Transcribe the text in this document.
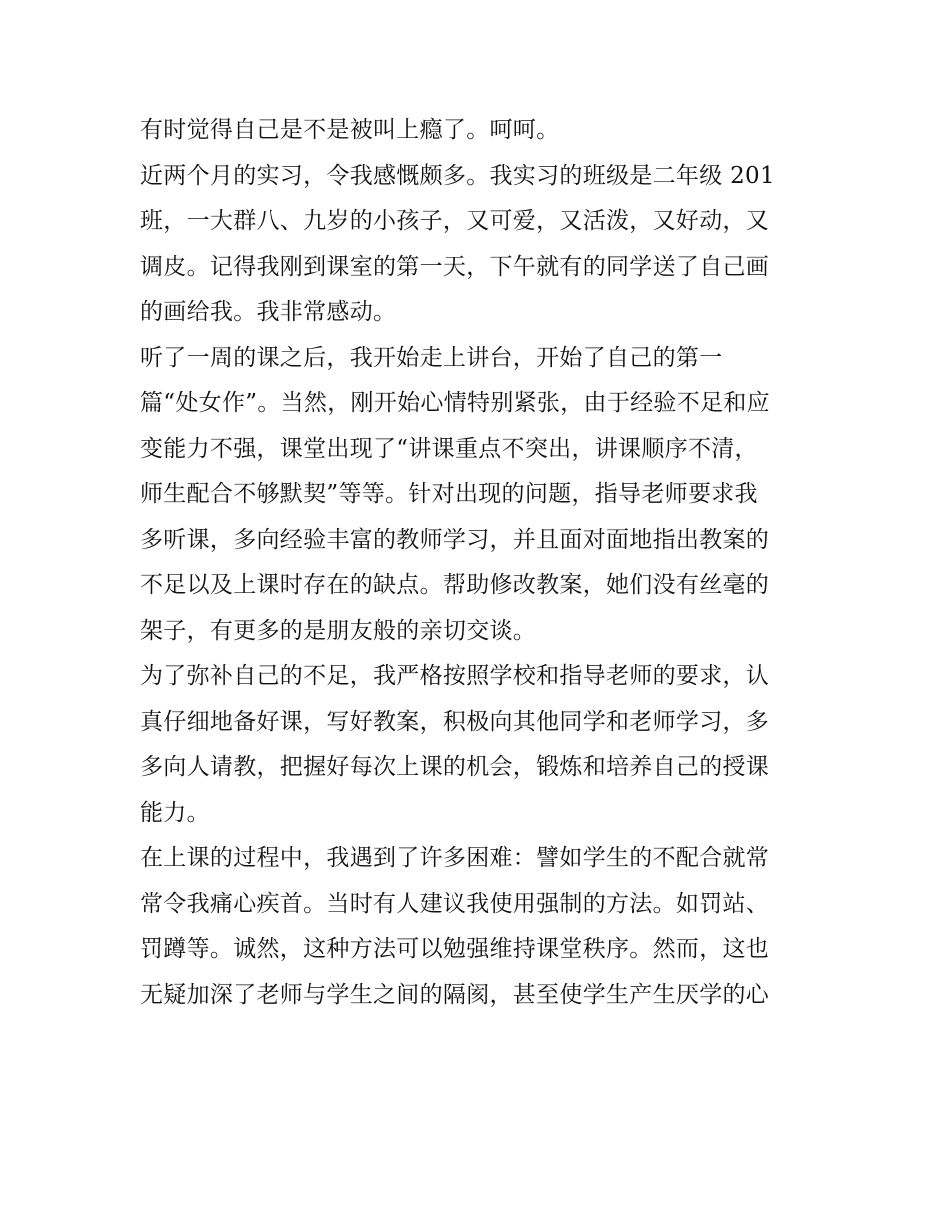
有时觉得自己是不是被叫上瘾了。呵呵。
近两个月的实习，令我感慨颇多。我实习的班级是二年级 201
班，一大群八、九岁的小孩子，又可爱，又活泼，又好动，又
调皮。记得我刚到课室的第一天，下午就有的同学送了自己画
的画给我。我非常感动。
听了一周的课之后，我开始走上讲台，开始了自己的第一
篇“处女作”。当然，刚开始心情特别紧张，由于经验不足和应
变能力不强，课堂出现了“讲课重点不突出，讲课顺序不清，
师生配合不够默契”等等。针对出现的问题，指导老师要求我
多听课，多向经验丰富的教师学习，并且面对面地指出教案的
不足以及上课时存在的缺点。帮助修改教案，她们没有丝毫的
架子，有更多的是朋友般的亲切交谈。
为了弥补自己的不足，我严格按照学校和指导老师的要求，认
真仔细地备好课，写好教案，积极向其他同学和老师学习，多
多向人请教，把握好每次上课的机会，锻炼和培养自己的授课
能力。
在上课的过程中，我遇到了许多困难：譬如学生的不配合就常
常令我痛心疾首。当时有人建议我使用强制的方法。如罚站、
罚蹲等。诚然，这种方法可以勉强维持课堂秩序。然而，这也
无疑加深了老师与学生之间的隔阂，甚至使学生产生厌学的心
